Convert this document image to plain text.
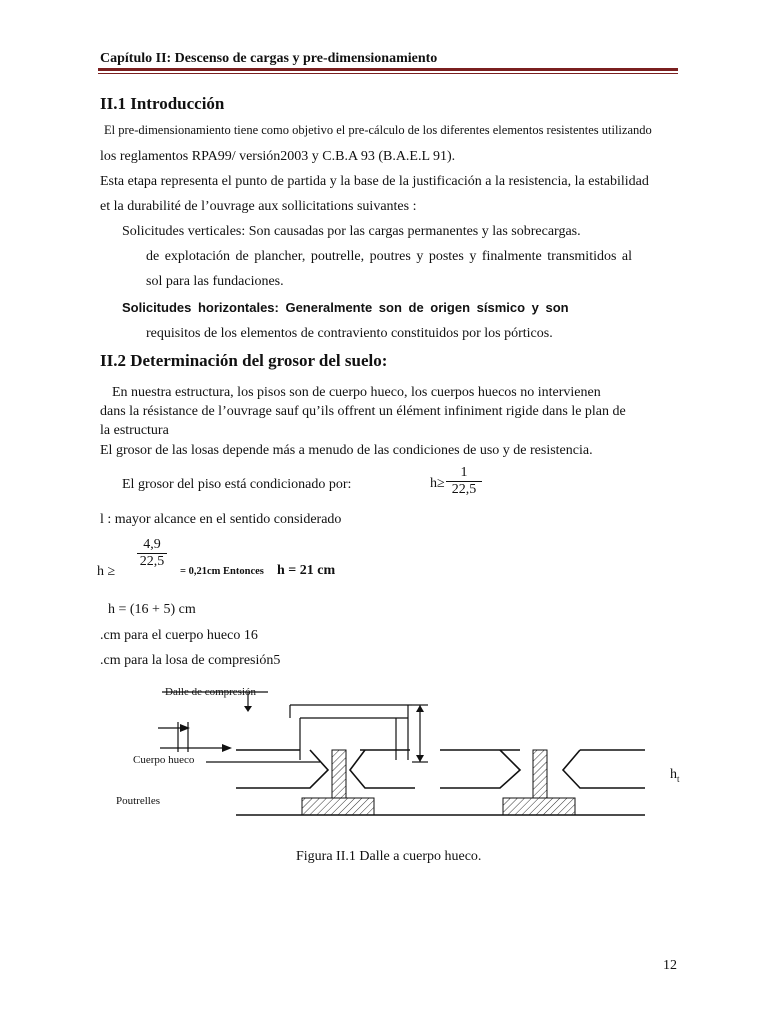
Capítulo II: Descenso de cargas y pre-dimensionamiento
II.1 Introducción
El pre-dimensionamiento tiene como objetivo el pre-cálculo de los diferentes elementos resistentes utilizando
los reglamentos RPA99/ versión2003 y C.B.A 93 (B.A.E.L 91).
Esta etapa representa el punto de partida y la base de la justificación a la resistencia, la estabilidad
et la durabilité de l’ouvrage aux sollicitations suivantes :
Solicitudes verticales: Son causadas por las cargas permanentes y las sobrecargas.
de explotación de plancher, poutrelle, poutres y postes y finalmente transmitidos al
sol para las fundaciones.
Solicitudes horizontales: Generalmente son de origen sísmico y son
requisitos de los elementos de contraviento constituidos por los pórticos.
II.2 Determinación del grosor del suelo:
En nuestra estructura, los pisos son de cuerpo hueco, los cuerpos huecos no intervienen
dans la résistance de l’ouvrage sauf qu’ils offrent un élément infiniment rigide dans le plan de
la estructura
El grosor de las losas depende más a menudo de las condiciones de uso y de resistencia.
El grosor del piso está condicionado por:	h≥
1
22,5
l : mayor alcance en el sentido considerado
h ≥
4,9
22,5
= 0,21cm Entonces h = 21 cm
h = (16 + 5) cm
.cm para el cuerpo hueco 16
.cm para la losa de compresión5
Dalle de compresión
Cuerpo hueco
Poutrelles
$h_t$
Figura II.1 Dalle a cuerpo hueco.
12
